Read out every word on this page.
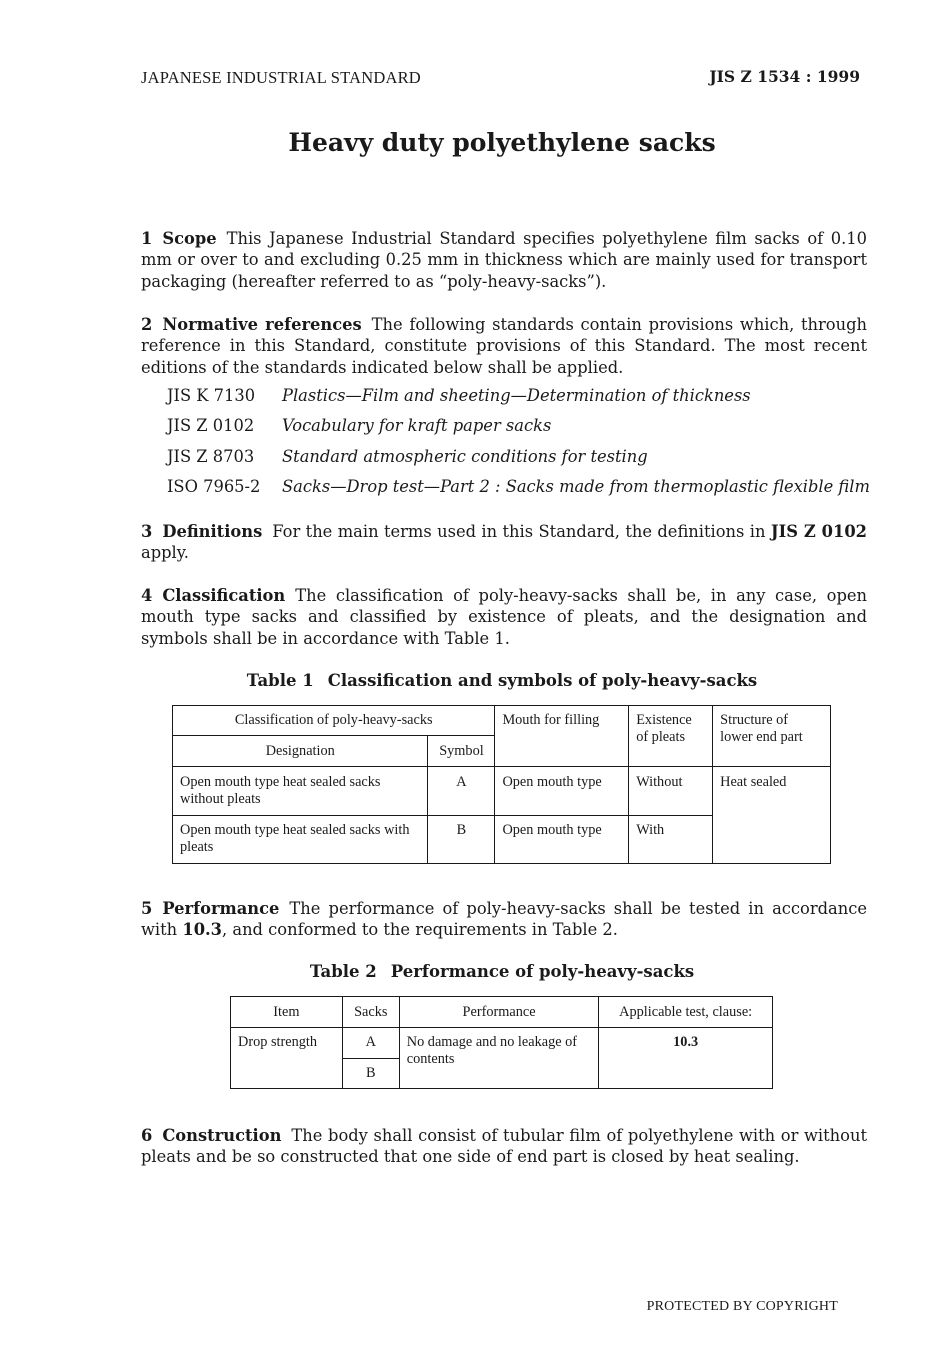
JAPANESE INDUSTRIAL STANDARD	JIS Z 1534 : 1999
Heavy duty polyethylene sacks
1 Scope This Japanese Industrial Standard specifies polyethylene film sacks of 0.10 mm or over to and excluding 0.25 mm in thickness which are mainly used for transport packaging (hereafter referred to as “poly-heavy-sacks”).
2 Normative references The following standards contain provisions which, through reference in this Standard, constitute provisions of this Standard. The most recent editions of the standards indicated below shall be applied.
JIS K 7130 Plastics—Film and sheeting—Determination of thickness
JIS Z 0102 Vocabulary for kraft paper sacks
JIS Z 8703 Standard atmospheric conditions for testing
ISO 7965-2 Sacks—Drop test—Part 2 : Sacks made from thermoplastic flexible film
3 Definitions For the main terms used in this Standard, the definitions in JIS Z 0102 apply.
4 Classification The classification of poly-heavy-sacks shall be, in any case, open mouth type sacks and classified by existence of pleats, and the designation and symbols shall be in accordance with Table 1.
Table 1 Classification and symbols of poly-heavy-sacks
Classification of poly-heavy-sacks		Mouth for filling	Existence of pleats	Structure of lower end part
Designation	Symbol			
Open mouth type heat sealed sacks without pleats	A	Open mouth type	Without	Heat sealed
Open mouth type heat sealed sacks with pleats	B	Open mouth type	With	
5 Performance The performance of poly-heavy-sacks shall be tested in accordance with 10.3, and conformed to the requirements in Table 2.
Table 2 Performance of poly-heavy-sacks
Item	Sacks	Performance	Applicable test, clause:
Drop strength	A	No damage and no leakage of contents	10.3
	B		
6 Construction The body shall consist of tubular film of polyethylene with or without pleats and be so constructed that one side of end part is closed by heat sealing.
PROTECTED BY COPYRIGHT
